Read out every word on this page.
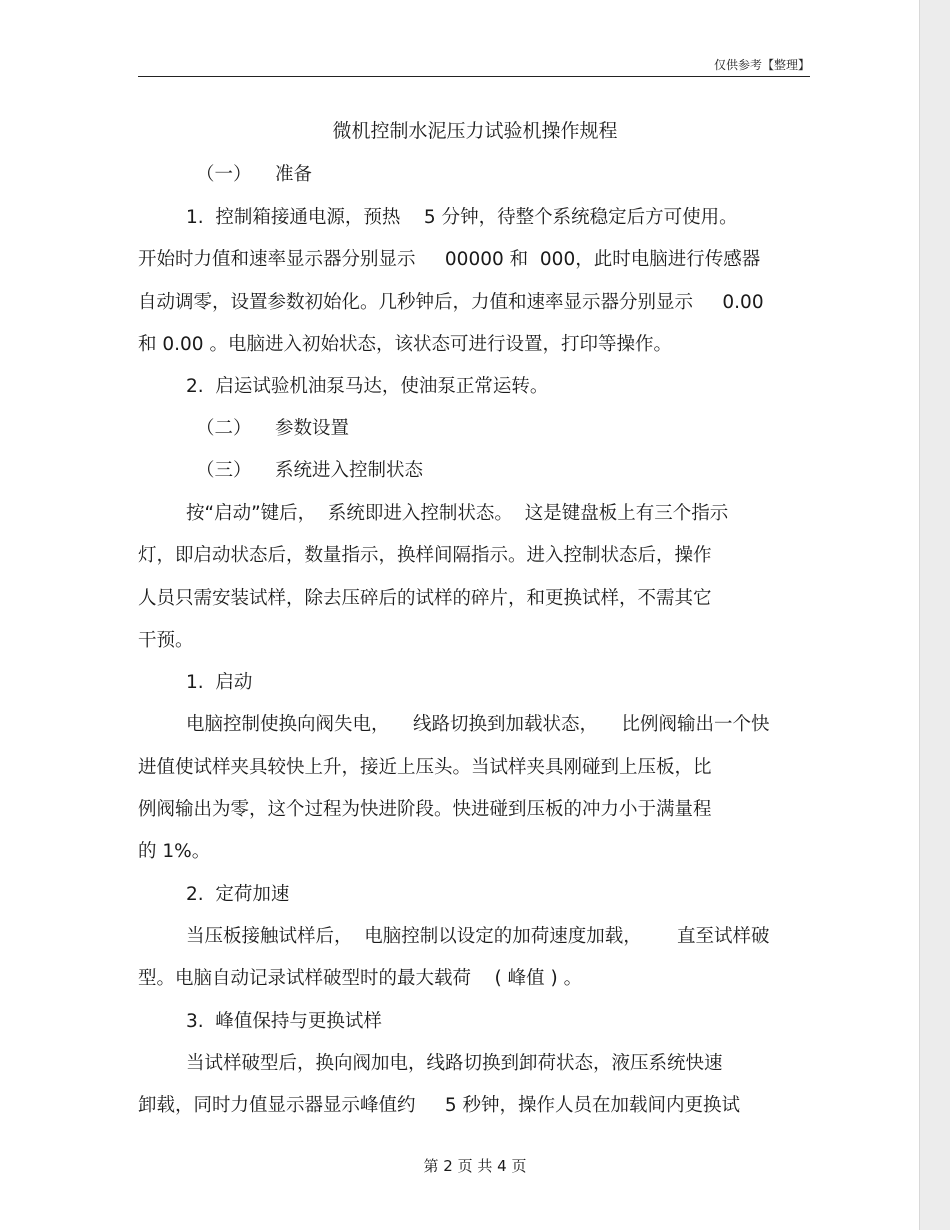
仅供参考【整理】
微机控制水泥压力试验机操作规程
（一）    准备
1.  控制箱接通电源，预热    5 分钟，待整个系统稳定后方可使用。
开始时力值和速率显示器分别显示     00000 和  000，此时电脑进行传感器
自动调零，设置参数初始化。几秒钟后，力值和速率显示器分别显示     0.00
和 0.00 。电脑进入初始状态，该状态可进行设置，打印等操作。
2.  启运试验机油泵马达，使油泵正常运转。
（二）    参数设置
（三）    系统进入控制状态
按“启动”键后，  系统即进入控制状态。  这是键盘板上有三个指示
灯，即启动状态后，数量指示，换样间隔指示。进入控制状态后，操作
人员只需安装试样，除去压碎后的试样的碎片，和更换试样，不需其它
干预。
1.  启动
电脑控制使换向阀失电，    线路切换到加载状态，    比例阀输出一个快
进值使试样夹具较快上升，接近上压头。当试样夹具刚碰到上压板，比
例阀输出为零，这个过程为快进阶段。快进碰到压板的冲力小于满量程
的 1%。
2.  定荷加速
当压板接触试样后，  电脑控制以设定的加荷速度加载，      直至试样破
型。电脑自动记录试样破型时的最大载荷    ( 峰值 ) 。
3.  峰值保持与更换试样
当试样破型后，换向阀加电，线路切换到卸荷状态，液压系统快速
卸载，同时力值显示器显示峰值约     5 秒钟，操作人员在加载间内更换试
第 2 页 共 4 页
